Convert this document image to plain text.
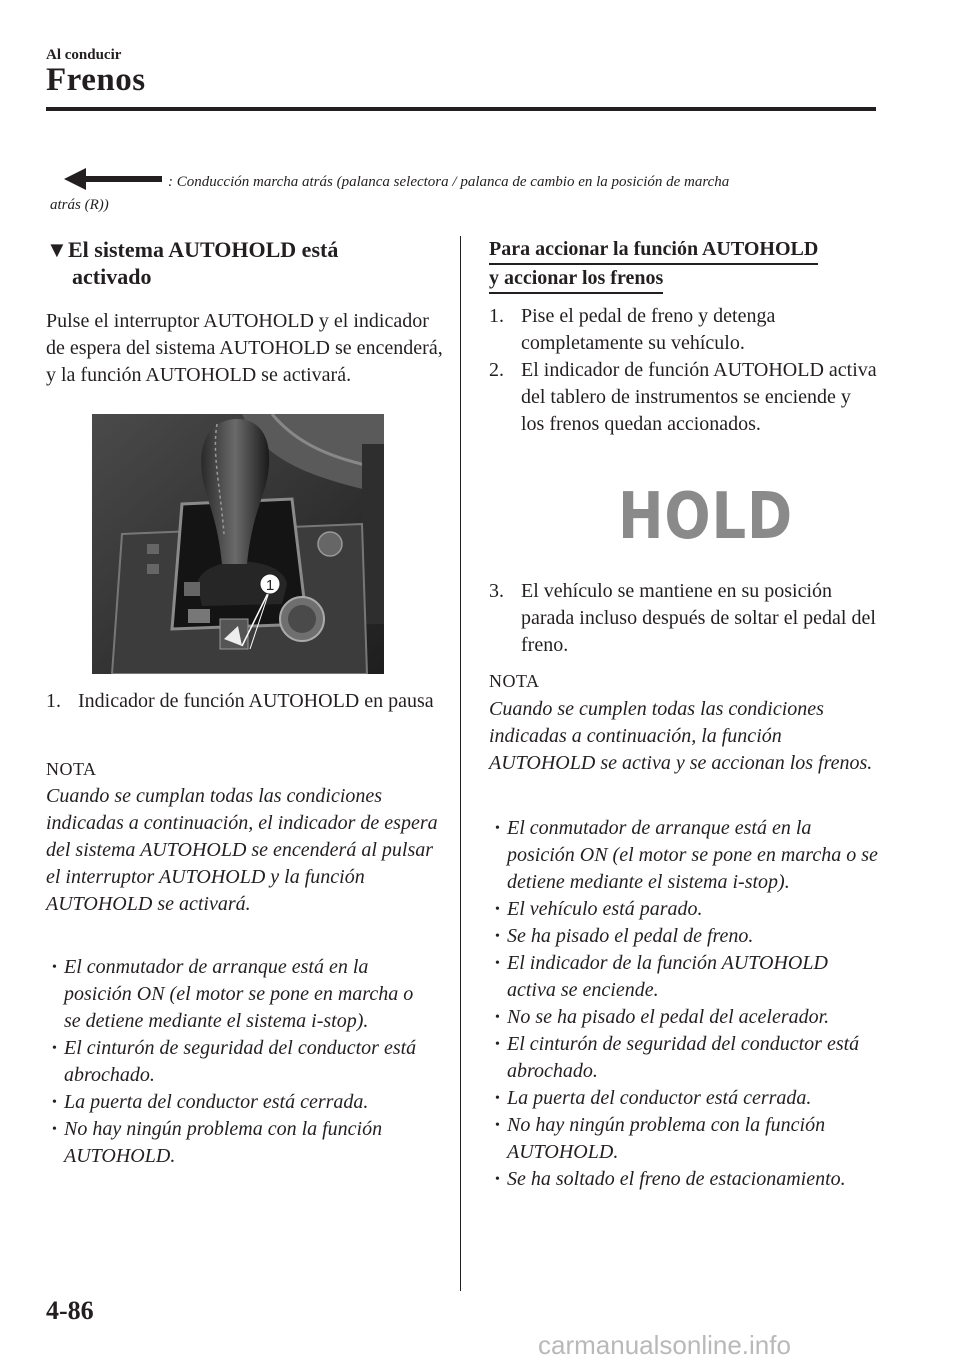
Al conducir
Frenos
: Conducción marcha atrás (palanca selectora / palanca de cambio en la posición de marcha
atrás (R))
▼El sistema AUTOHOLD está
activado
Pulse el interruptor AUTOHOLD y el indicador de espera del sistema AUTOHOLD se encenderá, y la función AUTOHOLD se activará.
1
1. Indicador de función AUTOHOLD en pausa
NOTA
Cuando se cumplan todas las condiciones indicadas a continuación, el indicador de espera del sistema AUTOHOLD se encenderá al pulsar el interruptor AUTOHOLD y la función AUTOHOLD se activará.
• El conmutador de arranque está en la posición ON (el motor se pone en marcha o se detiene mediante el sistema i-stop).
• El cinturón de seguridad del conductor está abrochado.
• La puerta del conductor está cerrada.
• No hay ningún problema con la función AUTOHOLD.
Para accionar la función AUTOHOLD
y accionar los frenos
1. Pise el pedal de freno y detenga completamente su vehículo.
2. El indicador de función AUTOHOLD activa del tablero de instrumentos se enciende y los frenos quedan accionados.
HOLD
3. El vehículo se mantiene en su posición parada incluso después de soltar el pedal del freno.
NOTA
Cuando se cumplen todas las condiciones indicadas a continuación, la función AUTOHOLD se activa y se accionan los frenos.
• El conmutador de arranque está en la posición ON (el motor se pone en marcha o se detiene mediante el sistema i-stop).
• El vehículo está parado.
• Se ha pisado el pedal de freno.
• El indicador de la función AUTOHOLD activa se enciende.
• No se ha pisado el pedal del acelerador.
• El cinturón de seguridad del conductor está abrochado.
• La puerta del conductor está cerrada.
• No hay ningún problema con la función AUTOHOLD.
• Se ha soltado el freno de estacionamiento.
4-86
carmanualsonline.info
